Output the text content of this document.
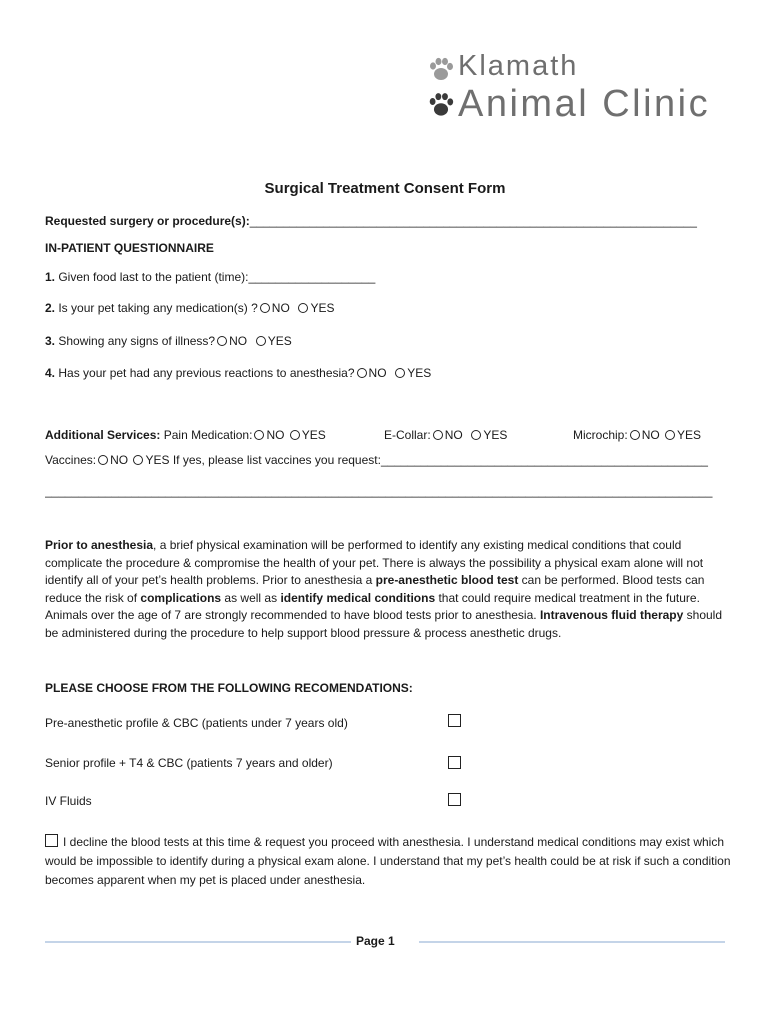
Klamath
Animal Clinic
Surgical Treatment Consent Form
Requested surgery or procedure(s):___________________________________________________________________
IN-PATIENT QUESTIONNAIRE
1. Given food last to the patient (time):___________________
2. Is your pet taking any medication(s) ? NO YES
3. Showing any signs of illness? NO YES
4. Has your pet had any previous reactions to anesthesia? NO YES
Additional Services: Pain Medication: NO YES	E-Collar: NO YES	Microchip: NO YES
Vaccines: NO YES If yes, please list vaccines you request:_________________________________________________
____________________________________________________________________________________________________
Prior to anesthesia, a brief physical examination will be performed to identify any existing medical conditions that could complicate the procedure & compromise the health of your pet. There is always the possibility a physical exam alone will not identify all of your pet’s health problems. Prior to anesthesia a pre-anesthetic blood test can be performed. Blood tests can reduce the risk of complications as well as identify medical conditions that could require medical treatment in the future. Animals over the age of 7 are strongly recommended to have blood tests prior to anesthesia. Intravenous fluid therapy should be administered during the procedure to help support blood pressure & process anesthetic drugs.
PLEASE CHOOSE FROM THE FOLLOWING RECOMENDATIONS:
Pre-anesthetic profile & CBC (patients under 7 years old)
Senior profile + T4 & CBC (patients 7 years and older)
IV Fluids
I decline the blood tests at this time & request you proceed with anesthesia. I understand medical conditions may exist which would be impossible to identify during a physical exam alone. I understand that my pet’s health could be at risk if such a condition becomes apparent when my pet is placed under anesthesia.
Page 1
